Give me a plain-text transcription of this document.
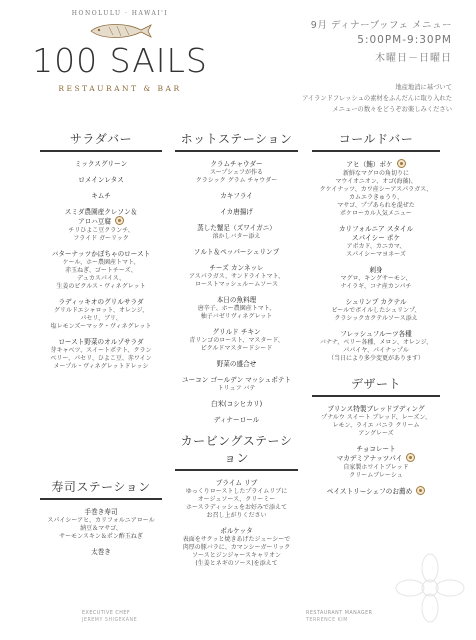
HONOLULU · HAWAI'I
100 SAILS
RESTAURANT & BAR
9月 ディナーブッフェ メニュー
5:00PM-9:30PM
木曜日－日曜日
地産地消に基づいて
アイランドフレッシュの素材をふんだんに取り入れた
メニューの数々をどうぞお楽しみください
サラダバー
ミックスグリーン
ロメインレタス
キムチ
スミダ農園産クレソン＆
アロハ豆腐
チリひよこ豆クランチ、
フライド ガーリック
バターナッツかぼちゃのロースト
ケール、ホー農園産トマト、
赤玉ねぎ、ゴートチーズ、
デュカスパイス、
生姜のピクルス・ヴィネグレット
ラディッキオのグリルサラダ
グリルドエシャロット、オレンジ、
パセリ、ブリ、
塩レモンズーマック・ヴィネグレット
ロースト野菜のオルゾサラダ
芽キャベツ、スイートポテト、クラン
ベリー、パセリ、ひよこ豆、赤ワイン
メープル・ヴィネグレットドレッシ
寿司ステーション
手巻き寿司
スパイシーアヒ、カリフォルニアロール
納豆＆マサゴ、
サーモンスキン＆ポン酢玉ねぎ
太巻き
ホットステーション
クラムチャウダー
スープシェフが作る
クラシック グラム チャウダー
カキフライ
イカ唐揚げ
蒸した蟹足（ズワイガニ）
溶かしバター添え
ソルト＆ペッパーシュリンプ
チーズ カンネッレ
アスパラガス、サンドライトマト、
ローストマッシュルームソース
本日の魚料理
唐辛子、ホー農園産トマト、
柚子バゼリヴィネグレット
グリルド チキン
青リンゴのロースト、マスタード、
ピクルドマスタードシード
野菜の盛合せ
ユーコン ゴールデン マッシュポテト
トリュフ バテ
白米(コシヒカリ)
ディナーロール
カービングステーション
プライム リブ
ゆっくりローストしたプライムリブに
オージュソース、クリーミー
ホースラディッシュをお好みで添えて
お召し上がりください
ポルケッタ
表面をサクッと焼きあげたジューシーで
肉厚の豚バラに、カマンシーガーリック
ソースとジンジャースキャリオン
(生姜とネギのソース)を添えて
コールドバー
アヒ（鮪）ポケ
新鮮なマグロの角切りに
マウイオニオン、オゴ(海藻)、
クケイナッツ、カワ産シーアスパラガス、
カムエラきゅうり、
マサゴ、ププあられを混ぜた
ポケローカル人気メニュー
カリフォルニア スタイル
スパイシー ポケ
アボカド、カニカマ、
スパイシーマヨネーズ
刺身
マグロ、キングサーモン、
ナイラギ、コナ産カンパチ
シュリンプ カクテル
ビールでボイルしたシュリンプ、
クラシックカクテルソース添え
フレッシュフルーツ各種
バナナ、ベリー各種、メロン、オレンジ、
パパイヤ、パイナップル
（当日により多少変更があります）
デザート
プリンス特製ブレッドプディング
プナルウ スイート ブレッド、レーズン、
レモン、ライエ バニラ クリーム
アングレーズ
チョコレート
マカデミアナッツパイ
自家製ホワイトブレッド
クリームブレーシュ
ペイストリーシェフのお薦め
EXECUTIVE CHEF
JEREMY SHIGEKANE
RESTAURANT MANAGER
TERRENCE KIM
